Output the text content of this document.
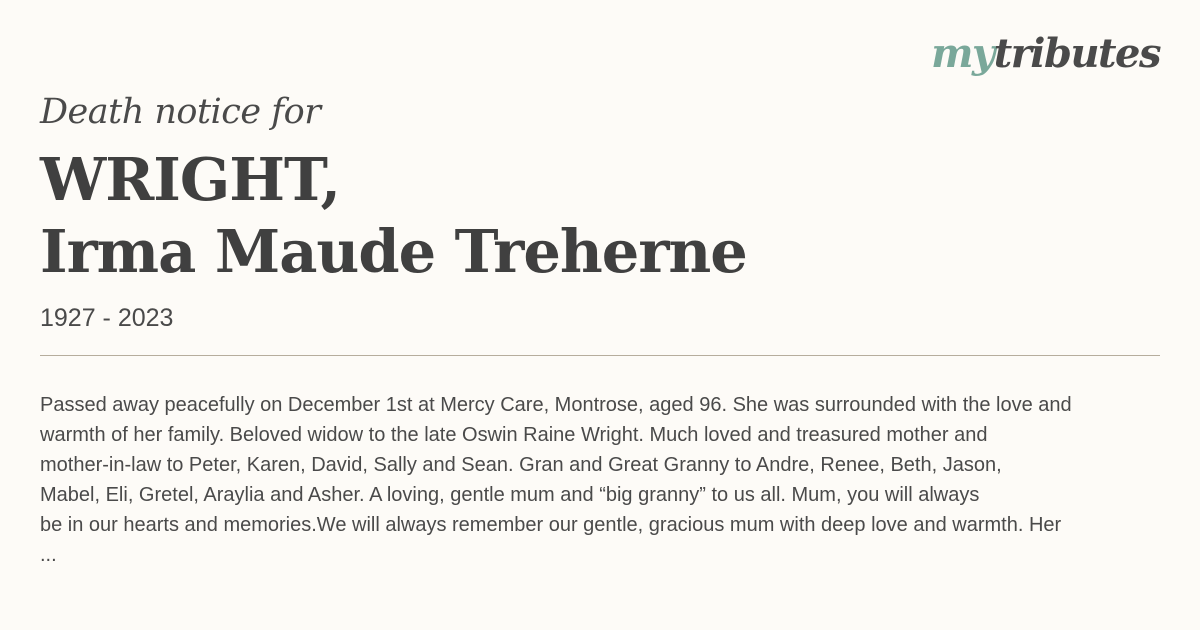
mytributes
Death notice for
WRIGHT,
Irma Maude Treherne
1927 - 2023
Passed away peacefully on December 1st at Mercy Care, Montrose, aged 96. She was surrounded with the love and
warmth of her family. Beloved widow to the late Oswin Raine Wright. Much loved and treasured mother and
mother-in-law to Peter, Karen, David, Sally and Sean. Gran and Great Granny to Andre, Renee, Beth, Jason,
Mabel, Eli, Gretel, Araylia and Asher. A loving, gentle mum and “big granny” to us all. Mum, you will always
be in our hearts and memories.We will always remember our gentle, gracious mum with deep love and warmth. Her
...
